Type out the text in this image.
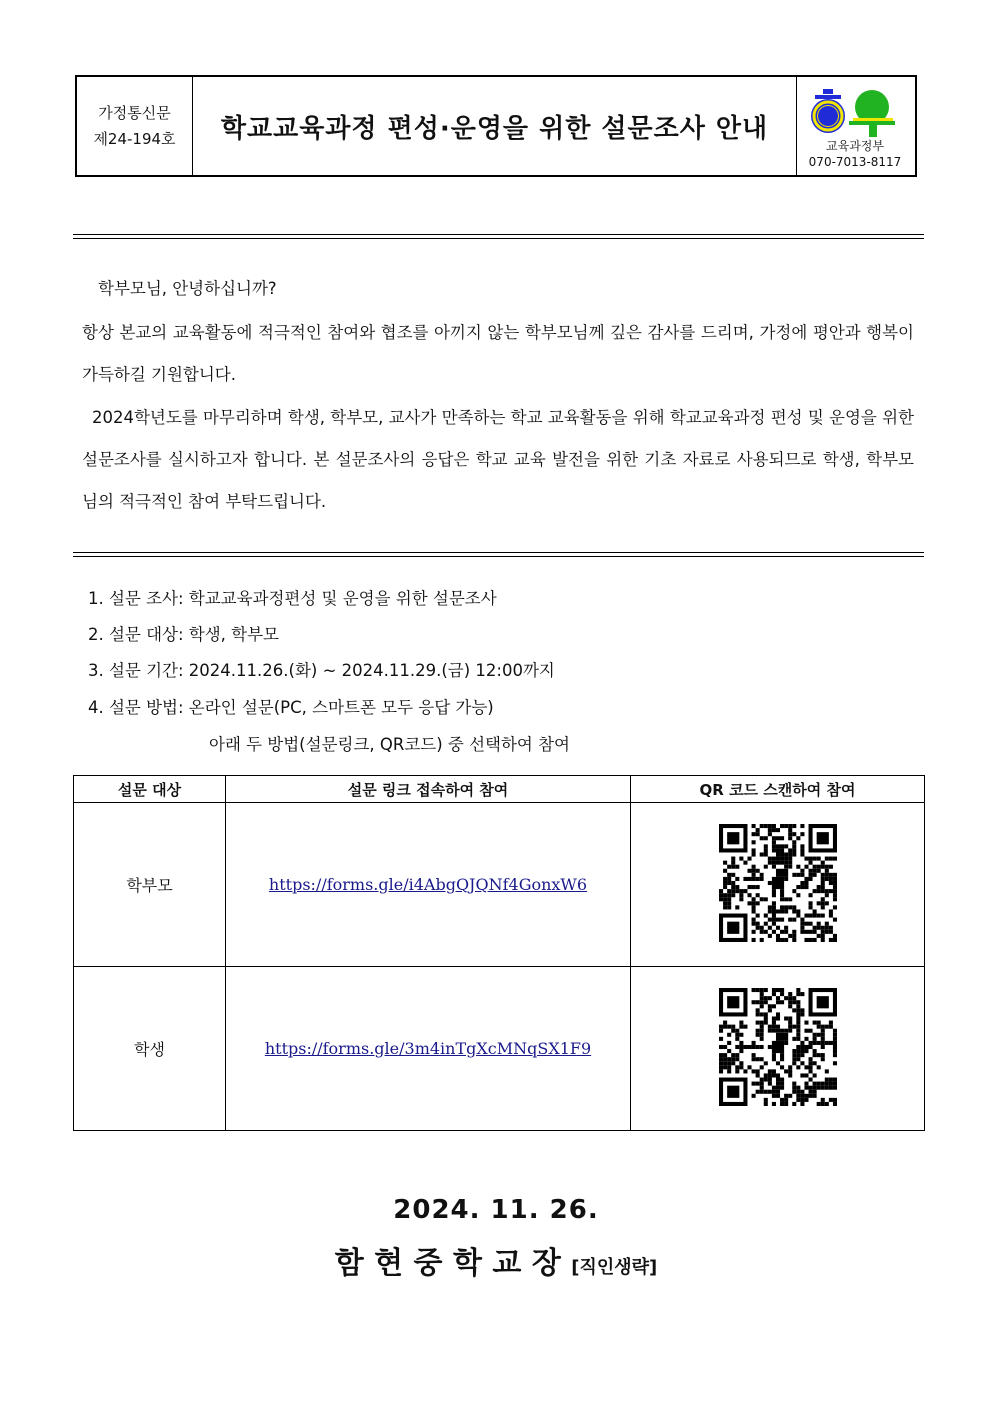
가정통신문
제24-194호	학교교육과정 편성·운영을 위한 설문조사 안내
교육과정부
070-7013-8117
학부모님, 안녕하십니까?
항상 본교의 교육활동에 적극적인 참여와 협조를 아끼지 않는 학부모님께 깊은 감사를 드리며, 가정에 평안과 행복이 가득하길 기원합니다.
2024학년도를 마무리하며 학생, 학부모, 교사가 만족하는 학교 교육활동을 위해 학교교육과정 편성 및 운영을 위한 설문조사를 실시하고자 합니다. 본 설문조사의 응답은 학교 교육 발전을 위한 기초 자료로 사용되므로 학생, 학부모님의 적극적인 참여 부탁드립니다.
1. 설문 조사: 학교교육과정편성 및 운영을 위한 설문조사
2. 설문 대상: 학생, 학부모
3. 설문 기간: 2024.11.26.(화) ~ 2024.11.29.(금) 12:00까지
4. 설문 방법: 온라인 설문(PC, 스마트폰 모두 응답 가능)
아래 두 방법(설문링크, QR코드) 중 선택하여 참여
설문 대상	설문 링크 접속하여 참여	QR 코드 스캔하여 참여
학부모	https://forms.gle/i4AbgQJQNf4GonxW6	
학생	https://forms.gle/3m4inTgXcMNqSX1F9	
2024. 11. 26.
함 현 중 학 교 장 [직인생략]
